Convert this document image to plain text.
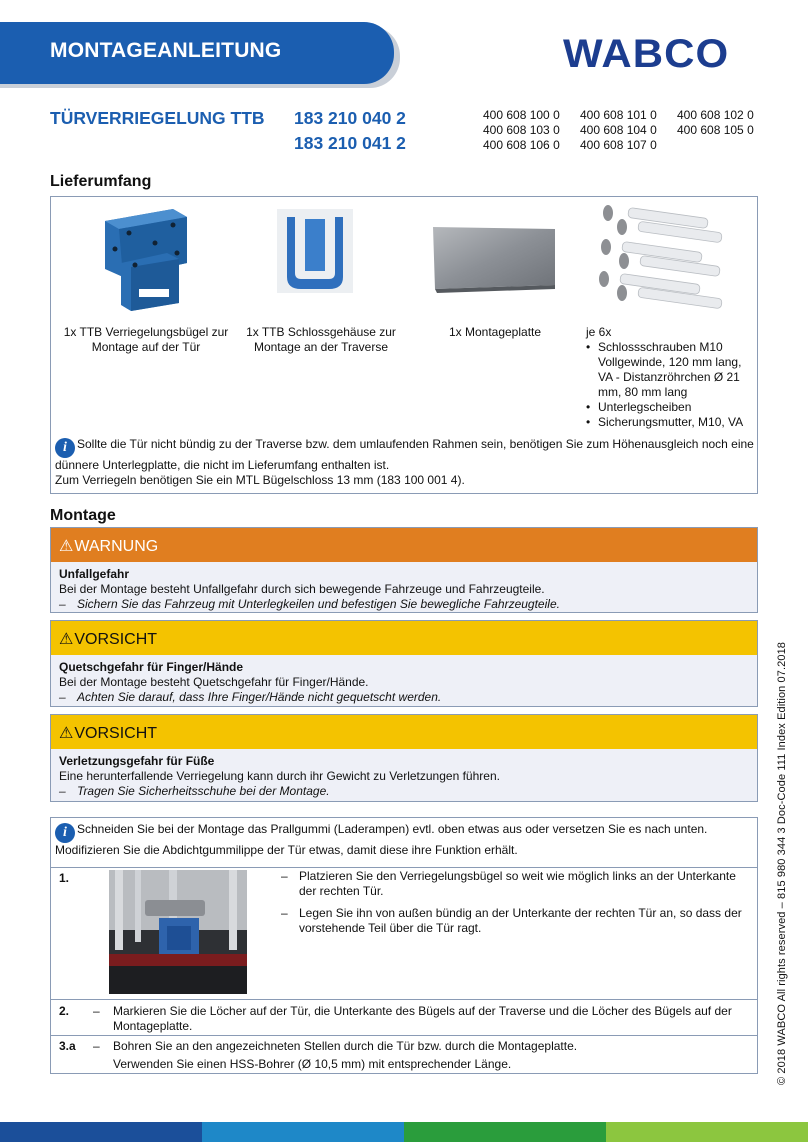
MONTAGEANLEITUNG	WABCO
TÜRVERRIEGELUNG TTB 183 210 040 2
183 210 041 2
400 608 100 0	400 608 101 0	400 608 102 0
400 608 103 0	400 608 104 0	400 608 105 0
400 608 106 0	400 608 107 0
Lieferumfang
1x TTB Verriegelungsbügel zur Montage auf der Tür
1x TTB Schlossgehäuse zur Montage an der Traverse
1x Montageplatte	je 6x
• Schlossschrauben M10 Vollgewinde, 120 mm lang, VA - Distanzröhrchen Ø 21 mm, 80 mm lang
• Unterlegscheiben
• Sicherungsmutter, M10, VA
i Sollte die Tür nicht bündig zu der Traverse bzw. dem umlaufenden Rahmen sein, benötigen Sie zum Höhenausgleich noch eine dünnere Unterlegplatte, die nicht im Lieferumfang enthalten ist.
Zum Verriegeln benötigen Sie ein MTL Bügelschloss 13 mm (183 100 001 4).
Montage
⚠WARNUNG
Unfallgefahr
Bei der Montage besteht Unfallgefahr durch sich bewegende Fahrzeuge und Fahrzeugteile.
– Sichern Sie das Fahrzeug mit Unterlegkeilen und befestigen Sie bewegliche Fahrzeugteile.
⚠VORSICHT
Quetschgefahr für Finger/Hände
Bei der Montage besteht Quetschgefahr für Finger/Hände.
– Achten Sie darauf, dass Ihre Finger/Hände nicht gequetscht werden.
⚠VORSICHT
Verletzungsgefahr für Füße
Eine herunterfallende Verriegelung kann durch ihr Gewicht zu Verletzungen führen.
– Tragen Sie Sicherheitsschuhe bei der Montage.
i Schneiden Sie bei der Montage das Prallgummi (Laderampen) evtl. oben etwas aus oder versetzen Sie es nach unten. Modifizieren Sie die Abdichtgummilippe der Tür etwas, damit diese ihre Funktion erhält.
1.	– Platzieren Sie den Verriegelungsbügel so weit wie möglich links an der Unterkante der rechten Tür.
– Legen Sie ihn von außen bündig an der Unterkante der rechten Tür an, so dass der vorstehende Teil über die Tür ragt.
2. –	Markieren Sie die Löcher auf der Tür, die Unterkante des Bügels auf der Traverse und die Löcher des Bügels auf der Montageplatte.
3.a –	Bohren Sie an den angezeichneten Stellen durch die Tür bzw. durch die Montageplatte.
Verwenden Sie einen HSS-Bohrer (Ø 10,5 mm) mit entsprechender Länge.	© 2018 WABCO All rights reserved – 815 980 344 3 Doc-Code 111 Index Edition 07.2018
